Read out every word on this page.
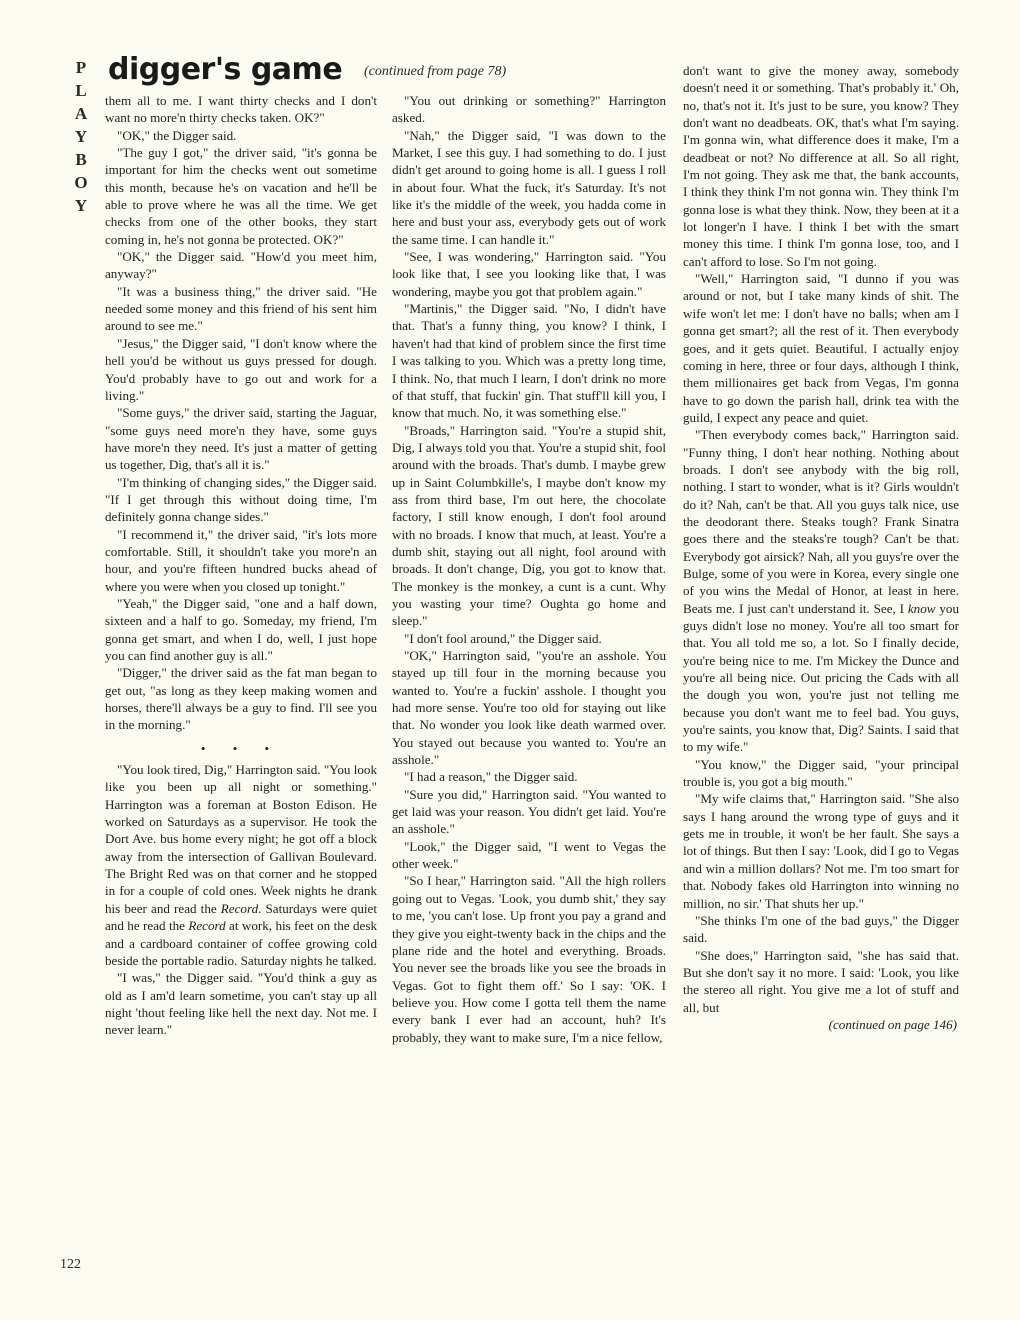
P
L
A
Y
B
O
Y
digger's game (continued from page 78)

them all to me. I want thirty checks and I don't want no more'n thirty checks taken. OK?"

"OK," the Digger said.

"The guy I got," the driver said, "it's gonna be important for him the checks went out sometime this month, because he's on vacation and he'll be able to prove where he was all the time. We get checks from one of the other books, they start coming in, he's not gonna be protected. OK?"

"OK," the Digger said. "How'd you meet him, anyway?"

"It was a business thing," the driver said. "He needed some money and this friend of his sent him around to see me."

"Jesus," the Digger said, "I don't know where the hell you'd be without us guys pressed for dough. You'd probably have to go out and work for a living."

"Some guys," the driver said, starting the Jaguar, "some guys need more'n they have, some guys have more'n they need. It's just a matter of getting us together, Dig, that's all it is."

"I'm thinking of changing sides," the Digger said. "If I get through this without doing time, I'm definitely gonna change sides."

"I recommend it," the driver said, "it's lots more comfortable. Still, it shouldn't take you more'n an hour, and you're fifteen hundred bucks ahead of where you were when you closed up tonight."

"Yeah," the Digger said, "one and a half down, sixteen and a half to go. Someday, my friend, I'm gonna get smart, and when I do, well, I just hope you can find another guy is all."

"Digger," the driver said as the fat man began to get out, "as long as they keep making women and horses, there'll always be a guy to find. I'll see you in the morning."

• • •

"You look tired, Dig," Harrington said. "You look like you been up all night or something." Harrington was a foreman at Boston Edison. He worked on Saturdays as a supervisor. He took the Dort Ave. bus home every night; he got off a block away from the intersection of Gallivan Boulevard. The Bright Red was on that corner and he stopped in for a couple of cold ones. Week nights he drank his beer and read the Record. Saturdays were quiet and he read the Record at work, his feet on the desk and a cardboard container of coffee growing cold beside the portable radio. Saturday nights he talked.

"I was," the Digger said. "You'd think a guy as old as I am'd learn sometime, you can't stay up all night 'thout feeling like hell the next day. Not me. I never learn."

"You out drinking or something?" Harrington asked.

"Nah," the Digger said, "I was down to the Market, I see this guy. I had something to do. I just didn't get around to going home is all. I guess I roll in about four. What the fuck, it's Saturday. It's not like it's the middle of the week, you hadda come in here and bust your ass, everybody gets out of work the same time. I can handle it."

"See, I was wondering," Harrington said. "You look like that, I see you looking like that, I was wondering, maybe you got that problem again."

"Martinis," the Digger said. "No, I didn't have that. That's a funny thing, you know? I think, I haven't had that kind of problem since the first time I was talking to you. Which was a pretty long time, I think. No, that much I learn, I don't drink no more of that stuff, that fuckin' gin. That stuff'll kill you, I know that much. No, it was something else."

"Broads," Harrington said. "You're a stupid shit, Dig, I always told you that. You're a stupid shit, fool around with the broads. That's dumb. I maybe grew up in Saint Columbkille's, I maybe don't know my ass from third base, I'm out here, the chocolate factory, I still know enough, I don't fool around with no broads. I know that much, at least. You're a dumb shit, staying out all night, fool around with broads. It don't change, Dig, you got to know that. The monkey is the monkey, a cunt is a cunt. Why you wasting your time? Oughta go home and sleep."

"I don't fool around," the Digger said.

"OK," Harrington said, "you're an asshole. You stayed up till four in the morning because you wanted to. You're a fuckin' asshole. I thought you had more sense. You're too old for staying out like that. No wonder you look like death warmed over. You stayed out because you wanted to. You're an asshole."

"I had a reason," the Digger said.

"Sure you did," Harrington said. "You wanted to get laid was your reason. You didn't get laid. You're an asshole."

"Look," the Digger said, "I went to Vegas the other week."

"So I hear," Harrington said. "All the high rollers going out to Vegas. 'Look, you dumb shit,' they say to me, 'you can't lose. Up front you pay a grand and they give you eight-twenty back in the chips and the plane ride and the hotel and everything. Broads. You never see the broads like you see the broads in Vegas. Got to fight them off.' So I say: 'OK. I believe you. How come I gotta tell them the name every bank I ever had an account, huh? It's probably, they want to make sure, I'm a nice fellow,

don't want to give the money away, somebody doesn't need it or something. That's probably it.' Oh, no, that's not it. It's just to be sure, you know? They don't want no deadbeats. OK, that's what I'm saying. I'm gonna win, what difference does it make, I'm a deadbeat or not? No difference at all. So all right, I'm not going. They ask me that, the bank accounts, I think they think I'm not gonna win. They think I'm gonna lose is what they think. Now, they been at it a lot longer'n I have. I think I bet with the smart money this time. I think I'm gonna lose, too, and I can't afford to lose. So I'm not going.

"Well," Harrington said, "I dunno if you was around or not, but I take many kinds of shit. The wife won't let me: I don't have no balls; when am I gonna get smart?; all the rest of it. Then everybody goes, and it gets quiet. Beautiful. I actually enjoy coming in here, three or four days, although I think, them millionaires get back from Vegas, I'm gonna have to go down the parish hall, drink tea with the guild, I expect any peace and quiet.

"Then everybody comes back," Harrington said. "Funny thing, I don't hear nothing. Nothing about broads. I don't see anybody with the big roll, nothing. I start to wonder, what is it? Girls wouldn't do it? Nah, can't be that. All you guys talk nice, use the deodorant there. Steaks tough? Frank Sinatra goes there and the steaks're tough? Can't be that. Everybody got airsick? Nah, all you guys're over the Bulge, some of you were in Korea, every single one of you wins the Medal of Honor, at least in here. Beats me. I just can't understand it. See, I know you guys didn't lose no money. You're all too smart for that. You all told me so, a lot. So I finally decide, you're being nice to me. I'm Mickey the Dunce and you're all being nice. Out pricing the Cads with all the dough you won, you're just not telling me because you don't want me to feel bad. You guys, you're saints, you know that, Dig? Saints. I said that to my wife."

"You know," the Digger said, "your principal trouble is, you got a big mouth."

"My wife claims that," Harrington said. "She also says I hang around the wrong type of guys and it gets me in trouble, it won't be her fault. She says a lot of things. But then I say: 'Look, did I go to Vegas and win a million dollars? Not me. I'm too smart for that. Nobody fakes old Harrington into winning no million, no sir.' That shuts her up."

"She thinks I'm one of the bad guys," the Digger said.

"She does," Harrington said, "she has said that. But she don't say it no more. I said: 'Look, you like the stereo all right. You give me a lot of stuff and all, but

(continued on page 146)

122
